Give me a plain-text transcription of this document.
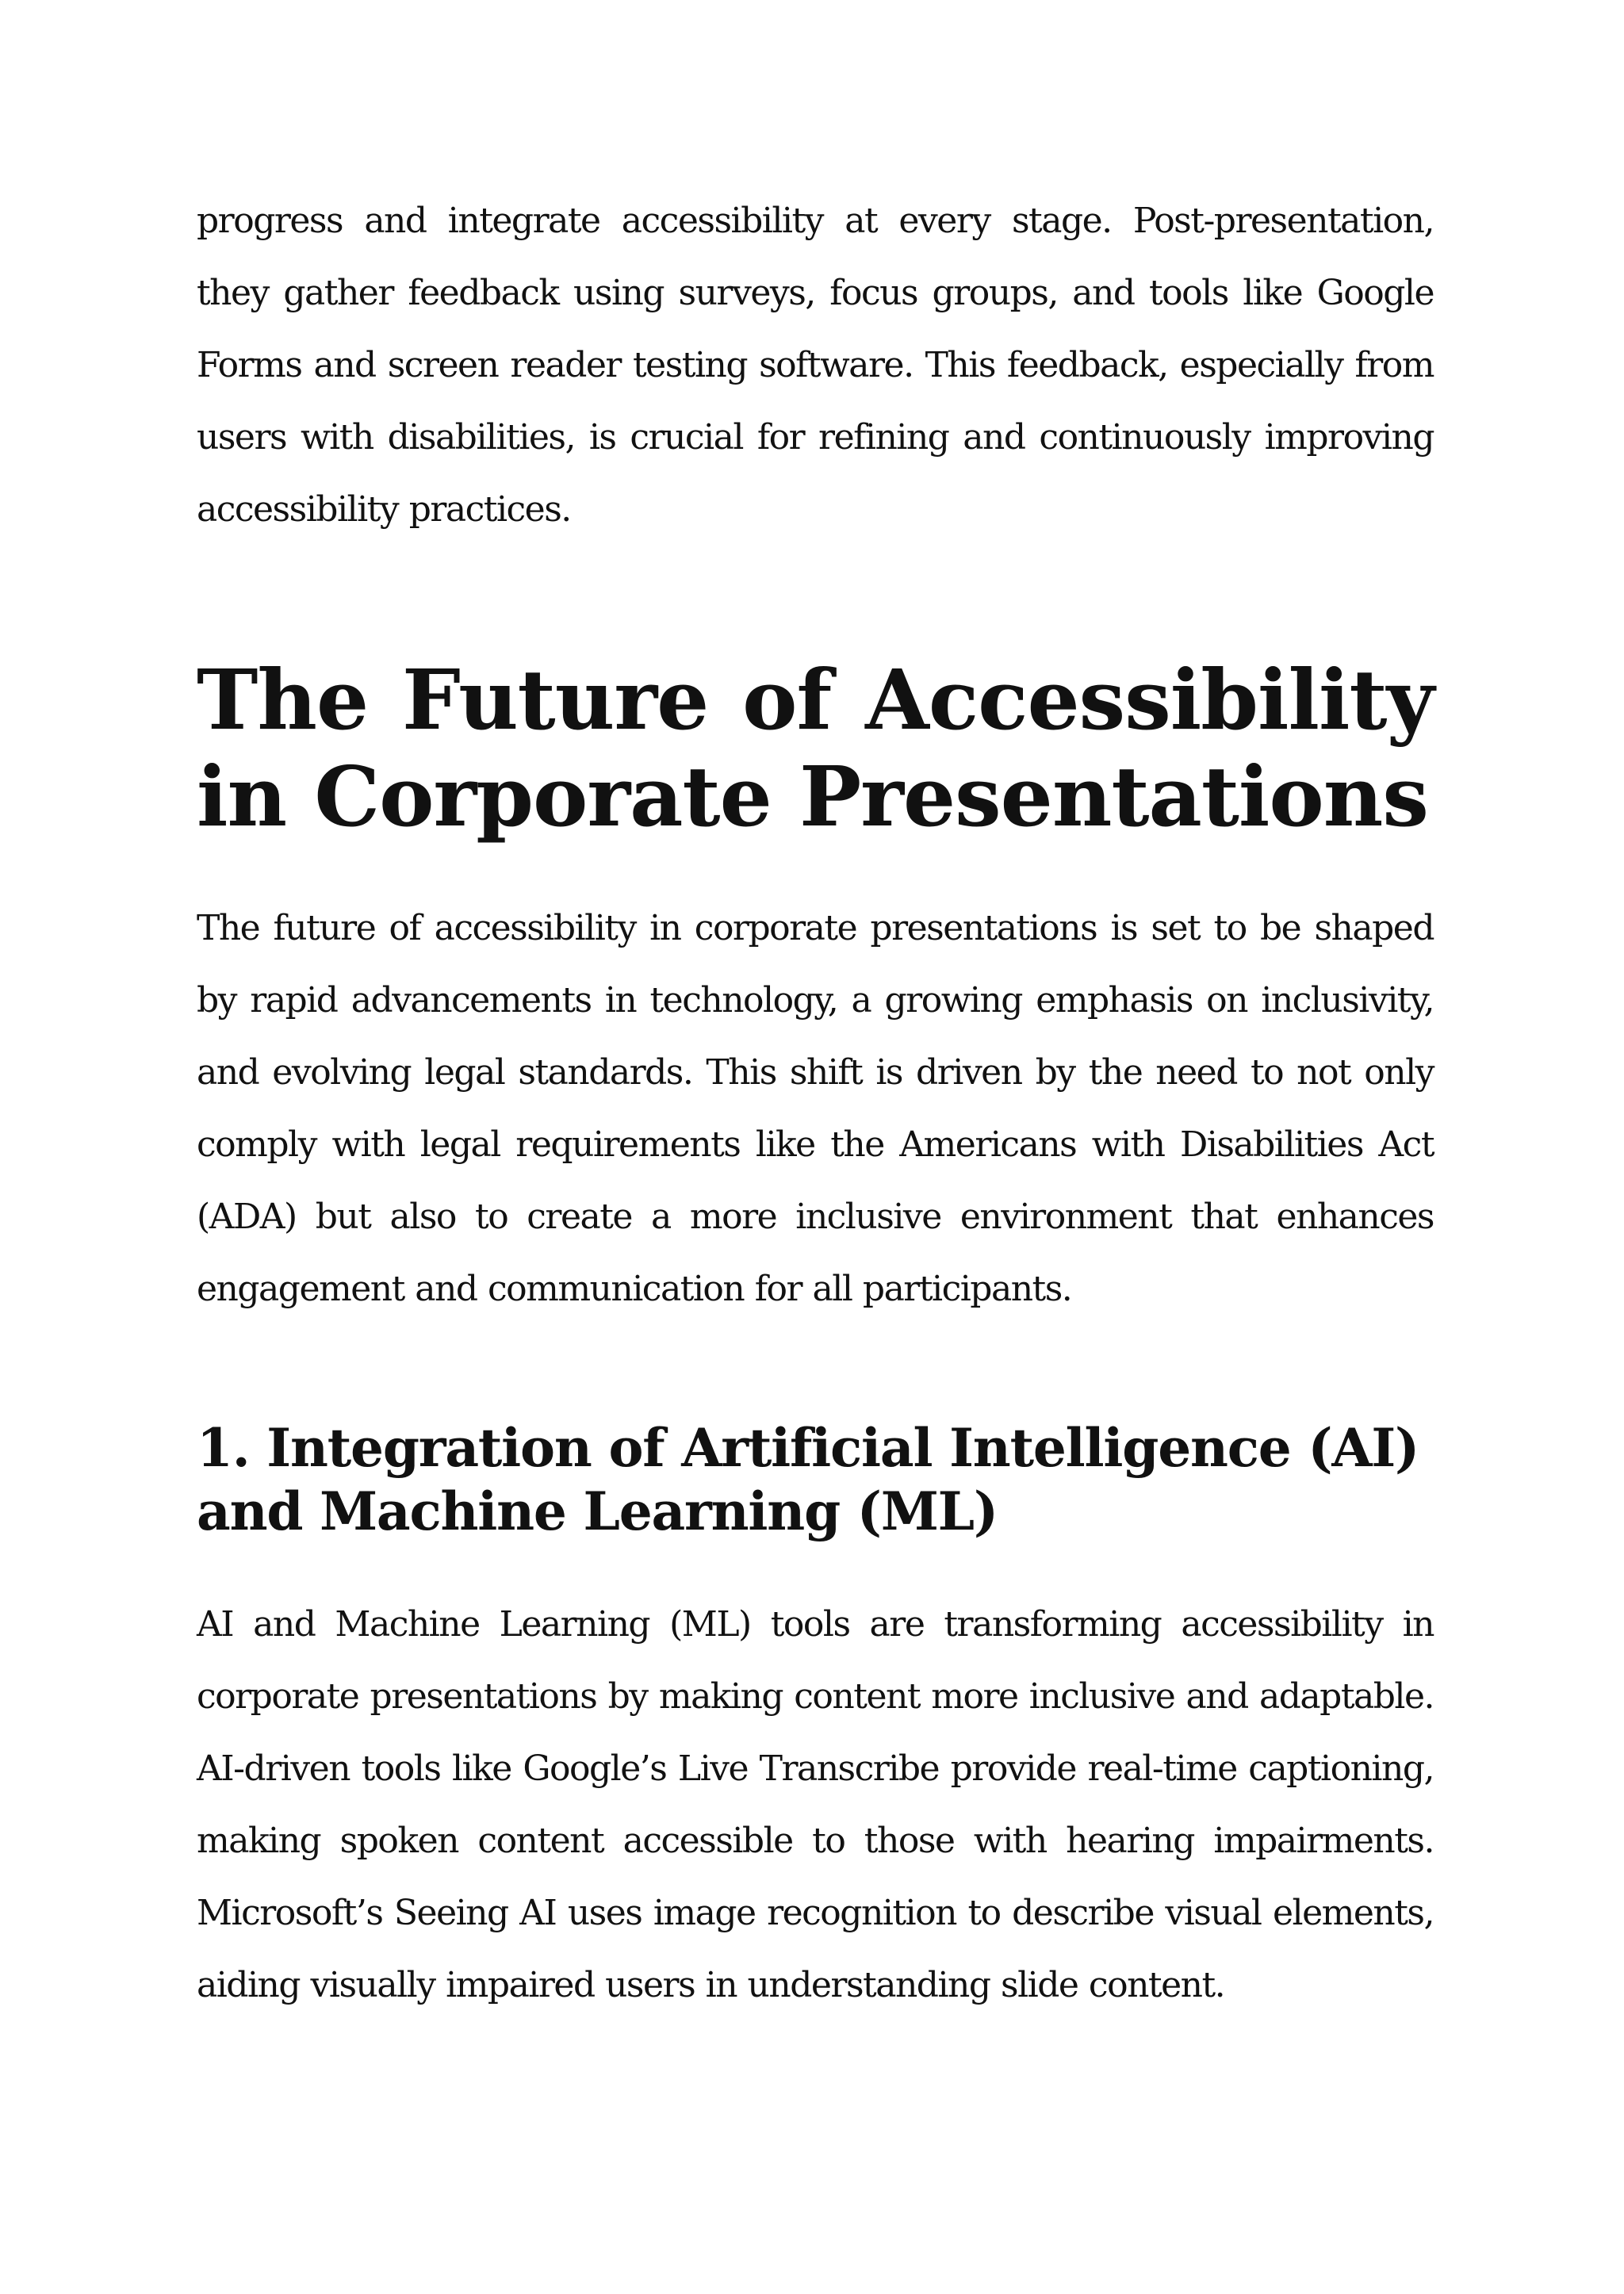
progress and integrate accessibility at every stage. Post-presentation, they gather feedback using surveys, focus groups, and tools like Google Forms and screen reader testing software. This feedback, especially from users with disabilities, is crucial for refining and continuously improving accessibility practices.

The Future of Accessibility in Corporate Presentations

The future of accessibility in corporate presentations is set to be shaped by rapid advancements in technology, a growing emphasis on inclusivity, and evolving legal standards. This shift is driven by the need to not only comply with legal requirements like the Americans with Disabilities Act (ADA) but also to create a more inclusive environment that enhances engagement and communication for all participants.

1. Integration of Artificial Intelligence (AI) and Machine Learning (ML)

AI and Machine Learning (ML) tools are transforming accessibility in corporate presentations by making content more inclusive and adaptable. AI-driven tools like Google’s Live Transcribe provide real-time captioning, making spoken content accessible to those with hearing impairments. Microsoft’s Seeing AI uses image recognition to describe visual elements, aiding visually impaired users in understanding slide content.
